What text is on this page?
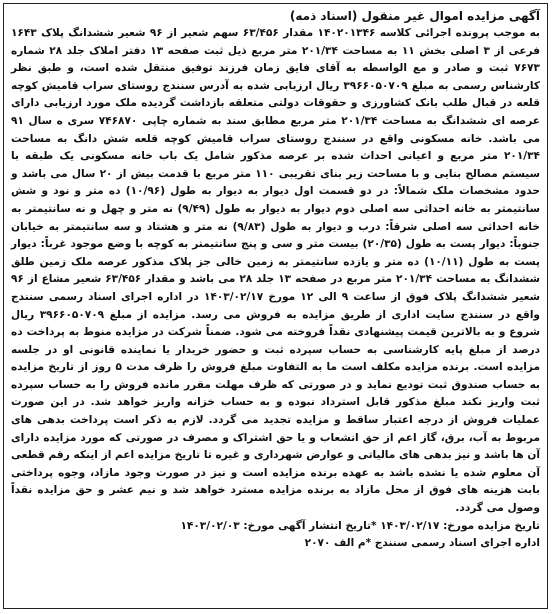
آگهی مزایده اموال غیر منقول (اسناد ذمه)

به موجب پرونده اجرائی کلاسه ۱۴۰۲۰۱۳۴۶ مقدار ۶۳/۴۵۶ سهم شعیر از ۹۶ شعیر ششدانگ پلاک ۱۶۴۳ فرعی از ۳ اصلی بخش ۱۱ به مساحت ۲۰۱/۳۴ متر مربع ذیل ثبت صفحه ۱۳ دفتر املاک جلد ۲۸ شماره ۷۶۷۳ ثبت و صادر و مع الواسطه به آقای فایق زمان فرزند توفیق منتقل شده است، و طبق نظر کارشناس رسمی به مبلغ ۳۹۶۶۰۵۰۷۰۹ ریال ارزیابی شده به آدرس سنندج روستای سراب قامیش کوچه قلعه در قبال طلب بانک کشاورزی و حقوقات دولتی متعلقه بازداشت گردیده ملک مورد ارزیابی دارای عرصه ای ششدانگ به مساحت ۲۰۱/۳۴ متر مربع مطابق سند به شماره چاپی ۷۴۶۸۷۰ سری ه سال ۹۱ می باشد. خانه مسکونی واقع در سنندج روستای سراب قامیش کوچه قلعه شش دانگ به مساحت ۲۰۱/۳۴ متر مربع و اعیانی احداث شده بر عرصه مذکور شامل یک باب خانه مسکونی یک طبقه با سیستم مصالح بنایی و با مساحت زیر بنای تقریبی ۱۱۰ متر مربع با قدمت بیش از ۲۰ سال می باشد و حدود مشخصات ملک شمالاً: در دو قسمت اول دیوار به دیوار به طول (۱۰/۹۶) ده متر و نود و شش سانتیمتر به خانه احداثی سه اصلی دوم دیوار به دیوار به طول (۹/۴۹) نه متر و چهل و نه سانتیمتر به خانه احداثی سه اصلی شرقاً: درب و دیوار به طول (۹/۸۳) نه متر و هشتاد و سه سانتیمتر به خیابان جنوباً: دیوار پست به طول (۲۰/۳۵) بیست متر و سی و پنج سانتیمتر به کوچه با وضع موجود غرباً: دیوار پست به طول (۱۰/۱۱) ده متر و یازده سانتیمتر به زمین خالی جز پلاک مذکور عرصه ملک زمین طلق ششدانگ به مساحت ۲۰۱/۳۴ متر مربع در صفحه ۱۳ جلد ۲۸ می باشد و مقدار ۶۳/۴۵۶ شعیر مشاع از ۹۶ شعیر ششدانگ پلاک فوق از ساعت ۹ الی ۱۲ مورخ ۱۴۰۳/۰۲/۱۷ در اداره اجرای اسناد رسمی سنندج واقع در سنندج سایت اداری از طریق مزایده به فروش می رسد. مزایده از مبلغ ۳۹۶۶۰۵۰۷۰۹ ریال شروع و به بالاترین قیمت پیشنهادی نقداً فروخته می شود. ضمناً شرکت در مزایده منوط به پرداخت ده درصد از مبلغ پایه کارشناسی به حساب سپرده ثبت و حضور خریدار یا نماینده قانونی او در جلسه مزایده است. برنده مزایده مکلف است ما به التفاوت مبلغ فروش را ظرف مدت ۵ روز از تاریخ مزایده به حساب صندوق ثبت تودیع نماید و در صورتی که ظرف مهلت مقرر مانده فروش را به حساب سپرده ثبت واریز نکند مبلغ مذکور قابل استرداد نبوده و به حساب خزانه واریز خواهد شد. در این صورت عملیات فروش از درجه اعتبار ساقط و مزایده تجدید می گردد. لازم به ذکر است پرداخت بدهی های مربوط به آب، برق، گاز اعم از حق انشعاب و یا حق اشتراک و مصرف در صورتی که مورد مزایده دارای آن ها باشد و نیز بدهی های مالیاتی و عوارض شهرداری و غیره تا تاریخ مزایده اعم از اینکه رقم قطعی آن معلوم شده یا نشده باشد به عهده برنده مزایده است و نیز در صورت وجود مازاد، وجوه پرداختی بابت هزینه های فوق از محل مازاد به برنده مزایده مسترد خواهد شد و نیم عشر و حق مزایده نقداً وصول می گردد.

تاریخ مزایده مورخ: ۱۴۰۳/۰۲/۱۷ *تاریخ انتشار آگهی مورخ: ۱۴۰۳/۰۲/۰۳

اداره اجرای اسناد رسمی سنندج *م الف ۲۰۷۰
